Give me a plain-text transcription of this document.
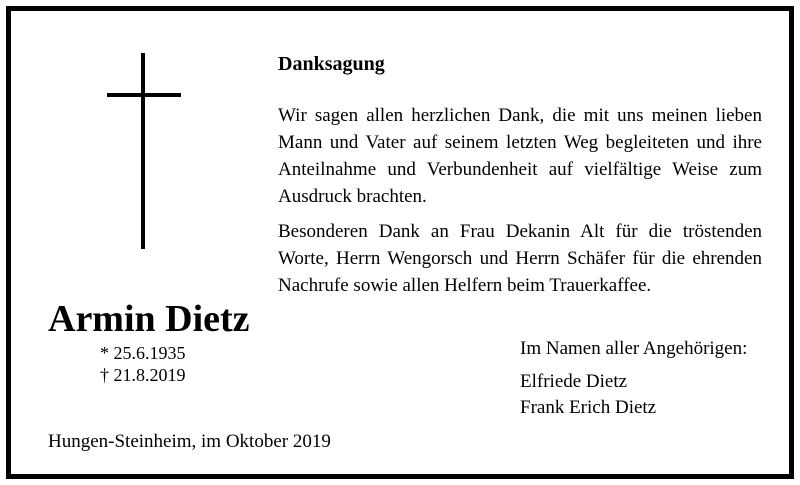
Armin Dietz
* 25.6.1935
† 21.8.2019
Hungen-Steinheim, im Oktober 2019
Danksagung
Wir sagen allen herzlichen Dank, die mit uns meinen lieben
Mann und Vater auf seinem letzten Weg begleiteten und ihre
Anteilnahme und Verbundenheit auf vielfältige Weise zum
Ausdruck brachten.
Besonderen Dank an Frau Dekanin Alt für die tröstenden
Worte, Herrn Wengorsch und Herrn Schäfer für die ehrenden
Nachrufe sowie allen Helfern beim Trauerkaffee.
Im Namen aller Angehörigen:
Elfriede Dietz
Frank Erich Dietz
